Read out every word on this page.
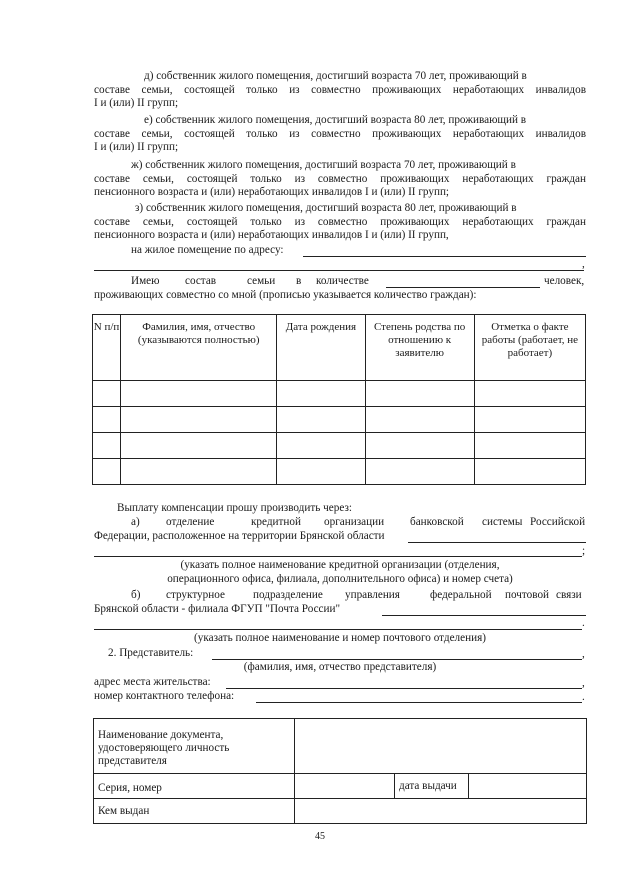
д) собственник жилого помещения, достигший возраста 70 лет, проживающий в
составе семьи, состоящей только из совместно проживающих неработающих инвалидов
I и (или) II групп;
е) собственник жилого помещения, достигший возраста 80 лет, проживающий в
составе семьи, состоящей только из совместно проживающих неработающих инвалидов
I и (или) II групп;
ж) собственник жилого помещения, достигший возраста 70 лет, проживающий в
составе семьи, состоящей только из совместно проживающих неработающих граждан
пенсионного возраста и (или) неработающих инвалидов I и (или) II групп;
з) собственник жилого помещения, достигший возраста 80 лет, проживающий в
составе семьи, состоящей только из совместно проживающих неработающих граждан
пенсионного возраста и (или) неработающих инвалидов I и (или) II групп,
на жилое помещение по адресу:
,
Имею состав	семьи в количестве	человек,
проживающих совместно со мной (прописью указывается количество граждан):
N п/п	Фамилия, имя, отчество (указываются полностью)	Дата рождения	Степень родства по отношению к заявителю	Отметка о факте работы (работает, не работает)

Выплату компенсации прошу производить через:
а) отделение	кредитной организации банковской системы Российской
Федерации, расположенное на территории Брянской области
;
(указать полное наименование кредитной организации (отделения,
операционного офиса, филиала, дополнительного офиса) и номер счета)
б) структурное	подразделение управления	федеральной почтовой связи
Брянской области - филиала ФГУП "Почта России"
.
(указать полное наименование и номер почтового отделения)
2. Представитель:	,
(фамилия, имя, отчество представителя)
адрес места жительства:	,
номер контактного телефона:	.
Наименование документа,
удостоверяющего личность
представителя
Серия, номер	дата выдачи
Кем выдан
45
